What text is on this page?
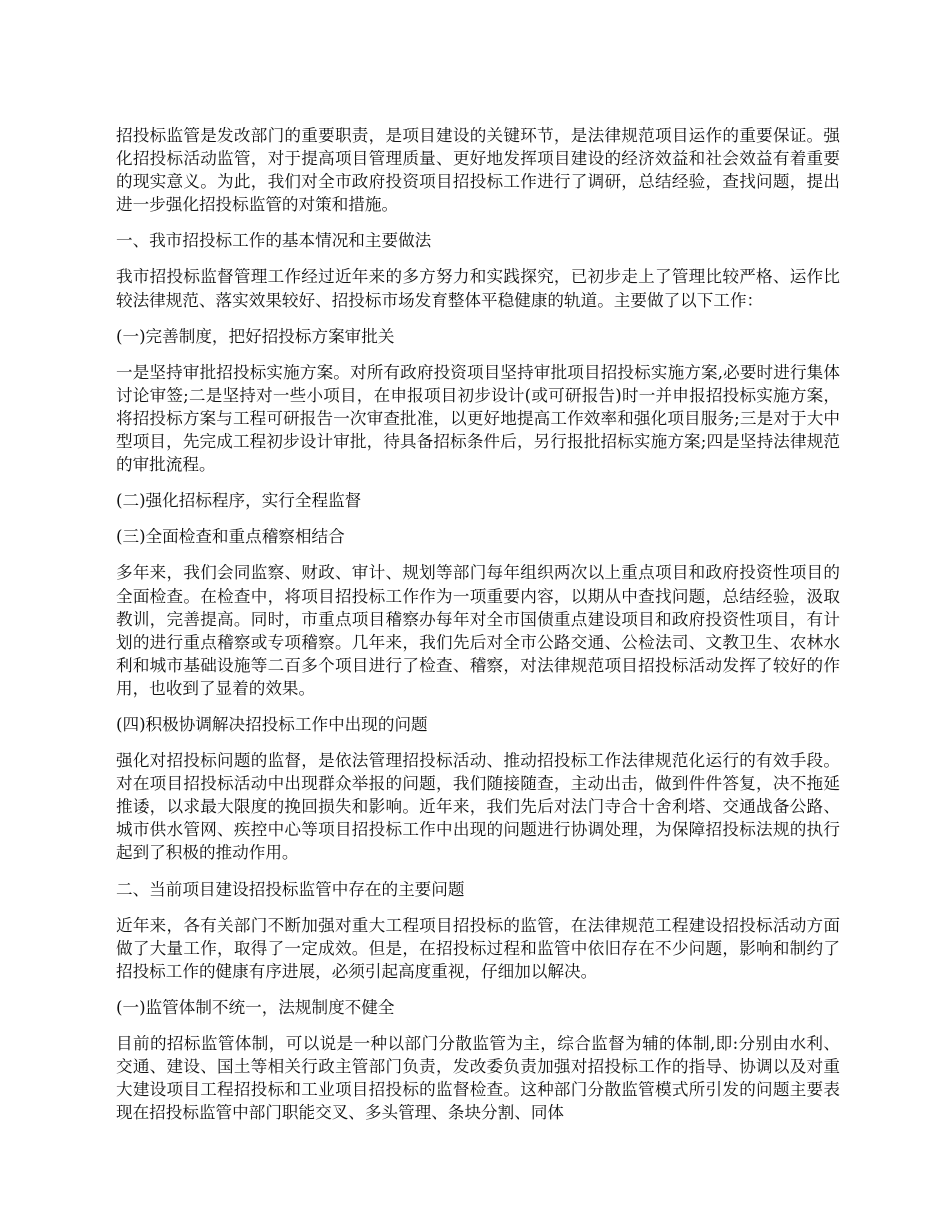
招投标监管是发改部门的重要职责，是项目建设的关键环节，是法律规范项目运作的重要保证。强化招投标活动监管，对于提高项目管理质量、更好地发挥项目建设的经济效益和社会效益有着重要的现实意义。为此，我们对全市政府投资项目招投标工作进行了调研，总结经验，查找问题，提出进一步强化招投标监管的对策和措施。

一、我市招投标工作的基本情况和主要做法

我市招投标监督管理工作经过近年来的多方努力和实践探究，已初步走上了管理比较严格、运作比较法律规范、落实效果较好、招投标市场发育整体平稳健康的轨道。主要做了以下工作：

(一)完善制度，把好招投标方案审批关

一是坚持审批招投标实施方案。对所有政府投资项目坚持审批项目招投标实施方案,必要时进行集体讨论审签;二是坚持对一些小项目，在申报项目初步设计(或可研报告)时一并申报招投标实施方案，将招投标方案与工程可研报告一次审查批准，以更好地提高工作效率和强化项目服务;三是对于大中型项目，先完成工程初步设计审批，待具备招标条件后，另行报批招标实施方案;四是坚持法律规范的审批流程。

(二)强化招标程序，实行全程监督

(三)全面检查和重点稽察相结合

多年来，我们会同监察、财政、审计、规划等部门每年组织两次以上重点项目和政府投资性项目的全面检查。在检查中，将项目招投标工作作为一项重要内容，以期从中查找问题，总结经验，汲取教训，完善提高。同时，市重点项目稽察办每年对全市国债重点建设项目和政府投资性项目，有计划的进行重点稽察或专项稽察。几年来，我们先后对全市公路交通、公检法司、文教卫生、农林水利和城市基础设施等二百多个项目进行了检查、稽察，对法律规范项目招投标活动发挥了较好的作用，也收到了显着的效果。

(四)积极协调解决招投标工作中出现的问题

强化对招投标问题的监督，是依法管理招投标活动、推动招投标工作法律规范化运行的有效手段。对在项目招投标活动中出现群众举报的问题，我们随接随查，主动出击，做到件件答复，决不拖延推诿，以求最大限度的挽回损失和影响。近年来，我们先后对法门寺合十舍利塔、交通战备公路、城市供水管网、疾控中心等项目招投标工作中出现的问题进行协调处理，为保障招投标法规的执行起到了积极的推动作用。

二、当前项目建设招投标监管中存在的主要问题

近年来，各有关部门不断加强对重大工程项目招投标的监管，在法律规范工程建设招投标活动方面做了大量工作，取得了一定成效。但是，在招投标过程和监管中依旧存在不少问题，影响和制约了招投标工作的健康有序进展，必须引起高度重视，仔细加以解决。

(一)监管体制不统一，法规制度不健全

目前的招标监管体制，可以说是一种以部门分散监管为主，综合监督为辅的体制,即:分别由水利、交通、建设、国土等相关行政主管部门负责，发改委负责加强对招投标工作的指导、协调以及对重大建设项目工程招投标和工业项目招投标的监督检查。这种部门分散监管模式所引发的问题主要表现在招投标监管中部门职能交叉、多头管理、条块分割、同体
